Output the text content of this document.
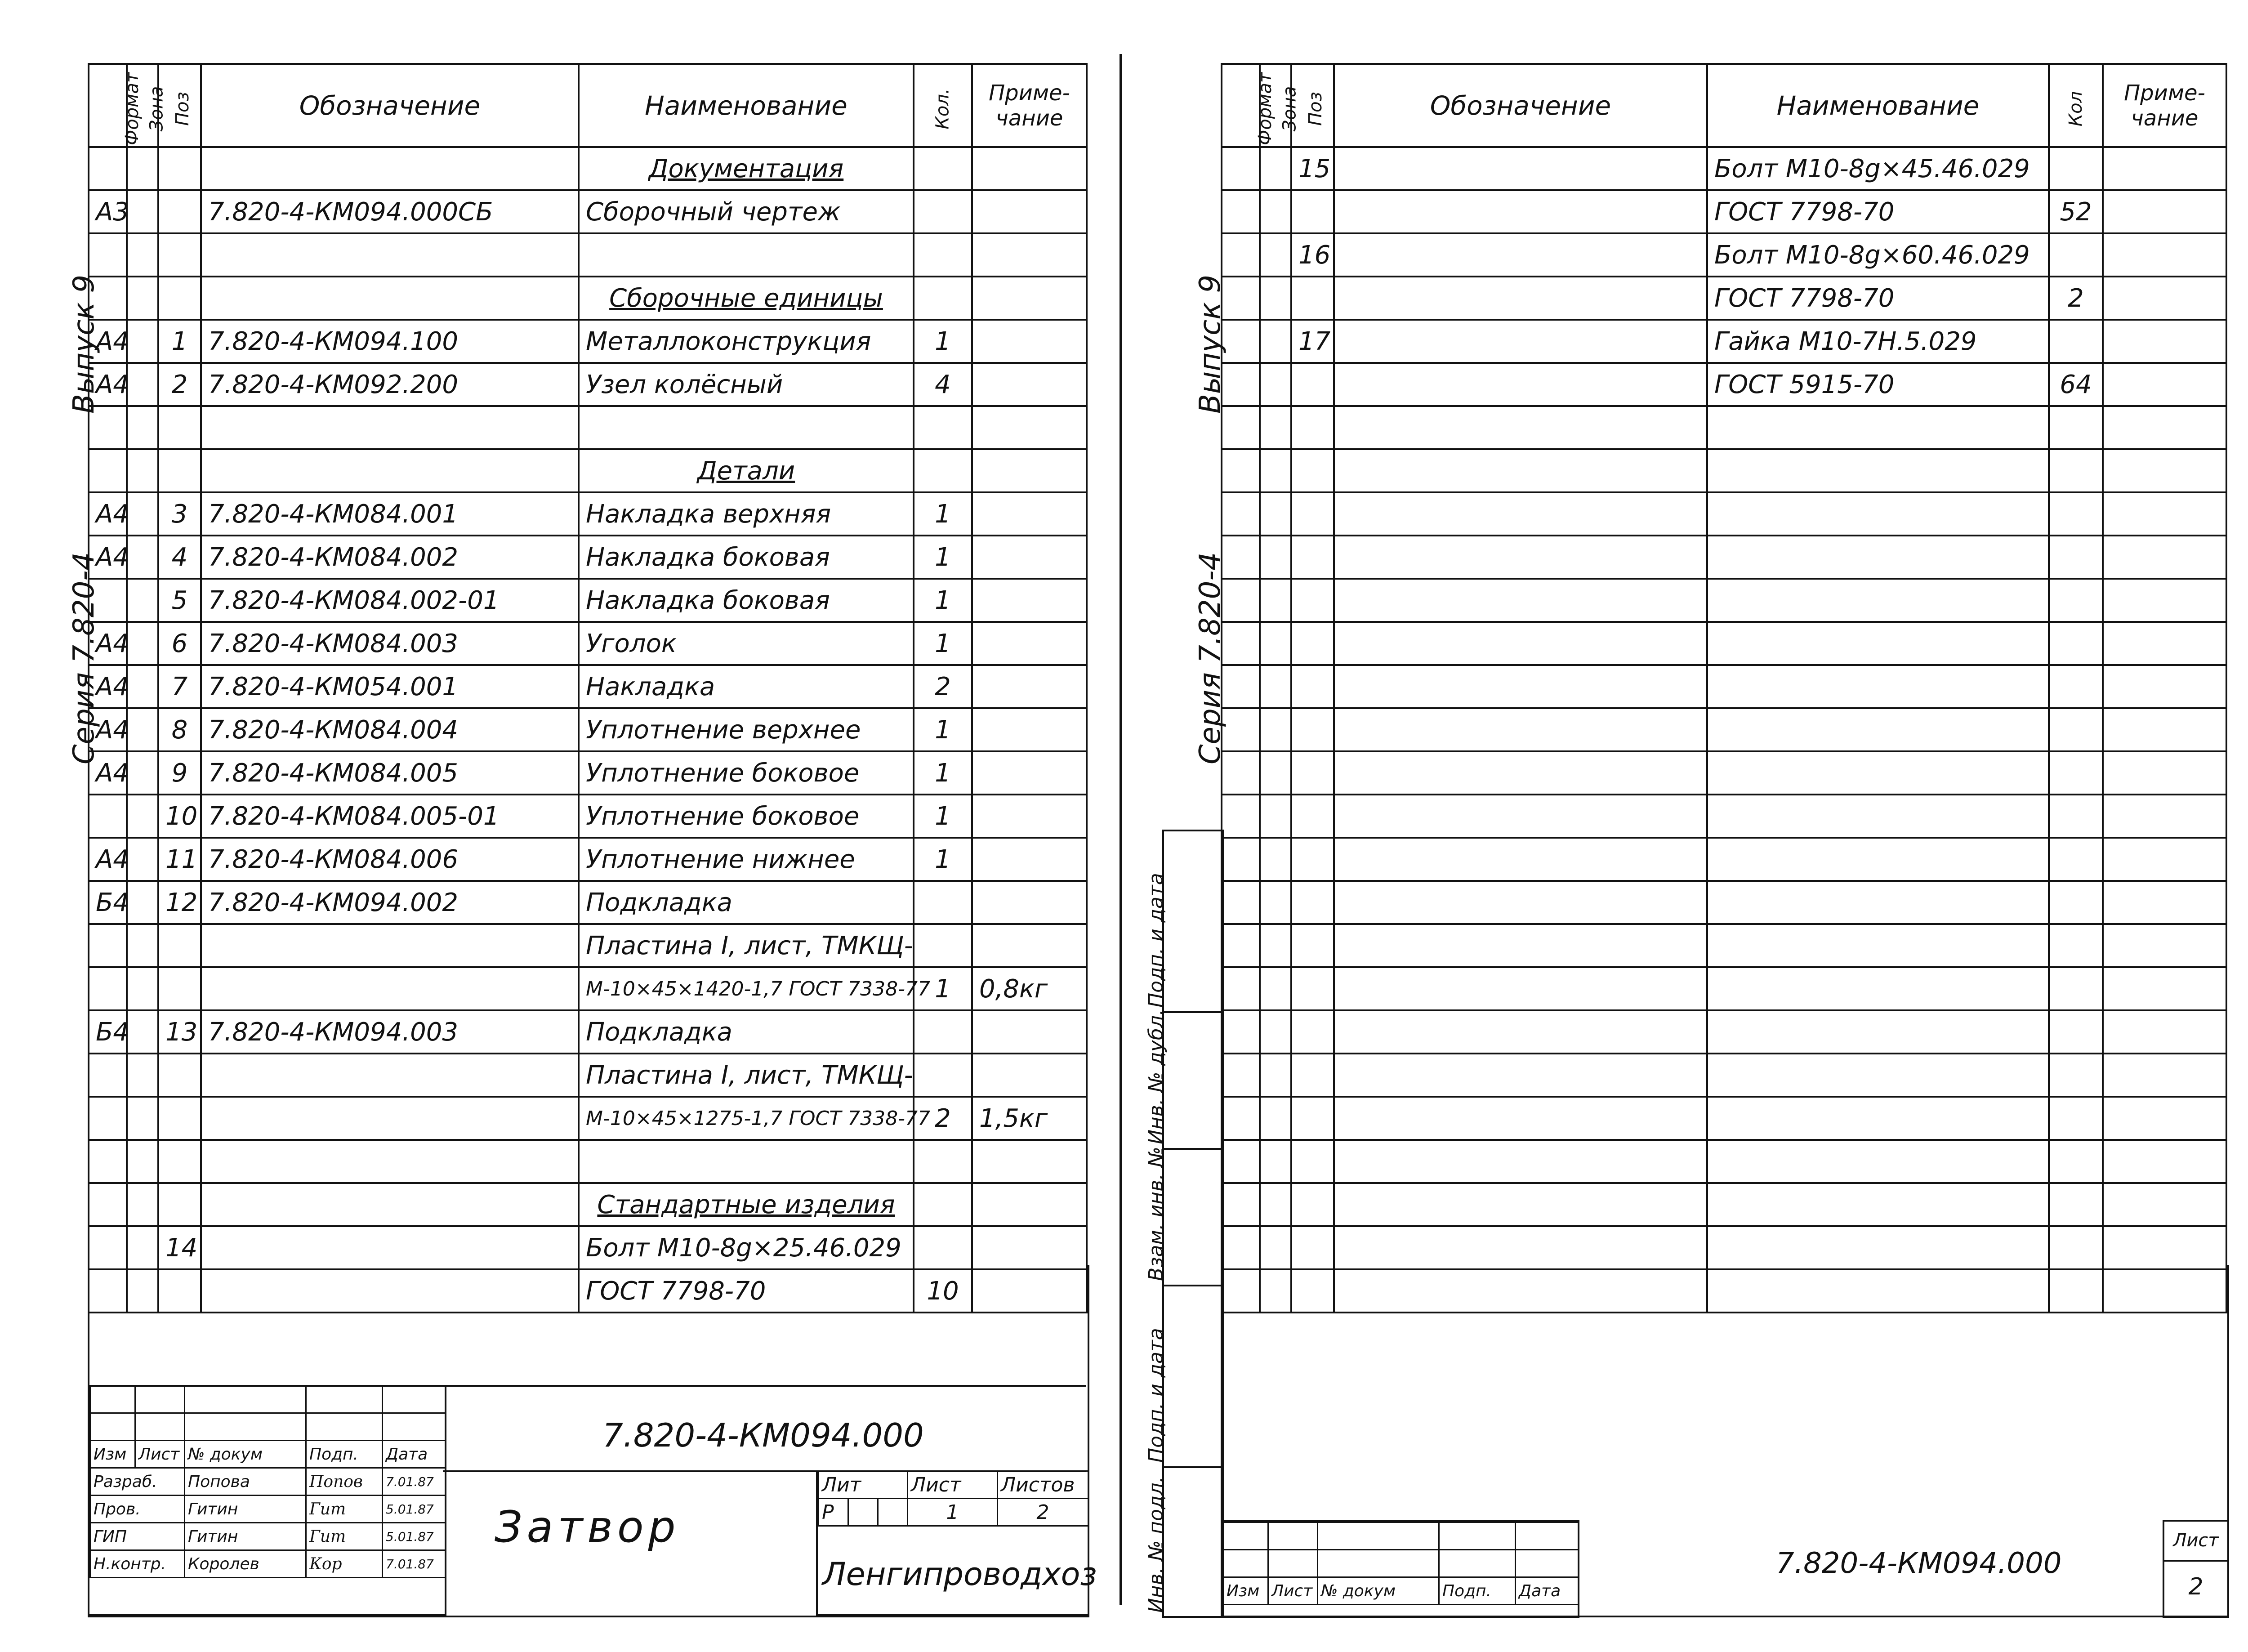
Выпуск 9
Серия 7.820-4
Формат	Зона	Поз	Обозначение	Наименование	Кол.	Приме-чание
				Документация		
А3			7.820-4-КМ094.000СБ	Сборочный чертеж		

				Сборочные единицы		
А4		1	7.820-4-КМ094.100	Металлоконструкция	1	
А4		2	7.820-4-КМ092.200	Узел колёсный	4	

				Детали		
А4		3	7.820-4-КМ084.001	Накладка верхняя	1	
А4		4	7.820-4-КМ084.002	Накладка боковая	1	
		5	7.820-4-КМ084.002-01	Накладка боковая	1	
А4		6	7.820-4-КМ084.003	Уголок	1	
А4		7	7.820-4-КМ054.001	Накладка	2	
А4		8	7.820-4-КМ084.004	Уплотнение верхнее	1	
А4		9	7.820-4-КМ084.005	Уплотнение боковое	1	
		10	7.820-4-КМ084.005-01	Уплотнение боковое	1	
А4		11	7.820-4-КМ084.006	Уплотнение нижнее	1	
Б4		12	7.820-4-КМ094.002	Подкладка		
				Пластина I, лист, ТМКЩ-		
				М-10×45×1420-1,7 ГОСТ 7338-77	1	0,8кг
Б4		13	7.820-4-КМ094.003	Подкладка		
				Пластина I, лист, ТМКЩ-		
				М-10×45×1275-1,7 ГОСТ 7338-77	2	1,5кг

				Стандартные изделия		
		14		Болт М10-8g×25.46.029		
				ГОСТ 7798-70	10	

Изм	Лист	№ докум	Подп.	Дата
Разраб.		Попова	Попов	7.01.87
Пров.		Гитин	Гит	5.01.87
ГИП		Гитин	Гит	5.01.87
Н.контр.		Королев	Кор	7.01.87
7.820-4-КМ094.000
Затвор
Лит			Лист	Листов
Р			1	2
Ленгипроводхоз
Выпуск 9
Серия 7.820-4
Формат	Зона	Поз	Обозначение	Наименование	Кол	Приме-чание
		15		Болт М10-8g×45.46.029		
				ГОСТ 7798-70	52	
		16		Болт М10-8g×60.46.029		
				ГОСТ 7798-70	2	
		17		Гайка М10-7Н.5.029		
				ГОСТ 5915-70	64	

Подп. и дата
Инв. № дубл.
Взам. инв. №
Подп. и дата
Инв. № подл.

					Изм	Лист	№ докум	Подп.	Дата
7.820-4-КМ094.000
Лист
2
